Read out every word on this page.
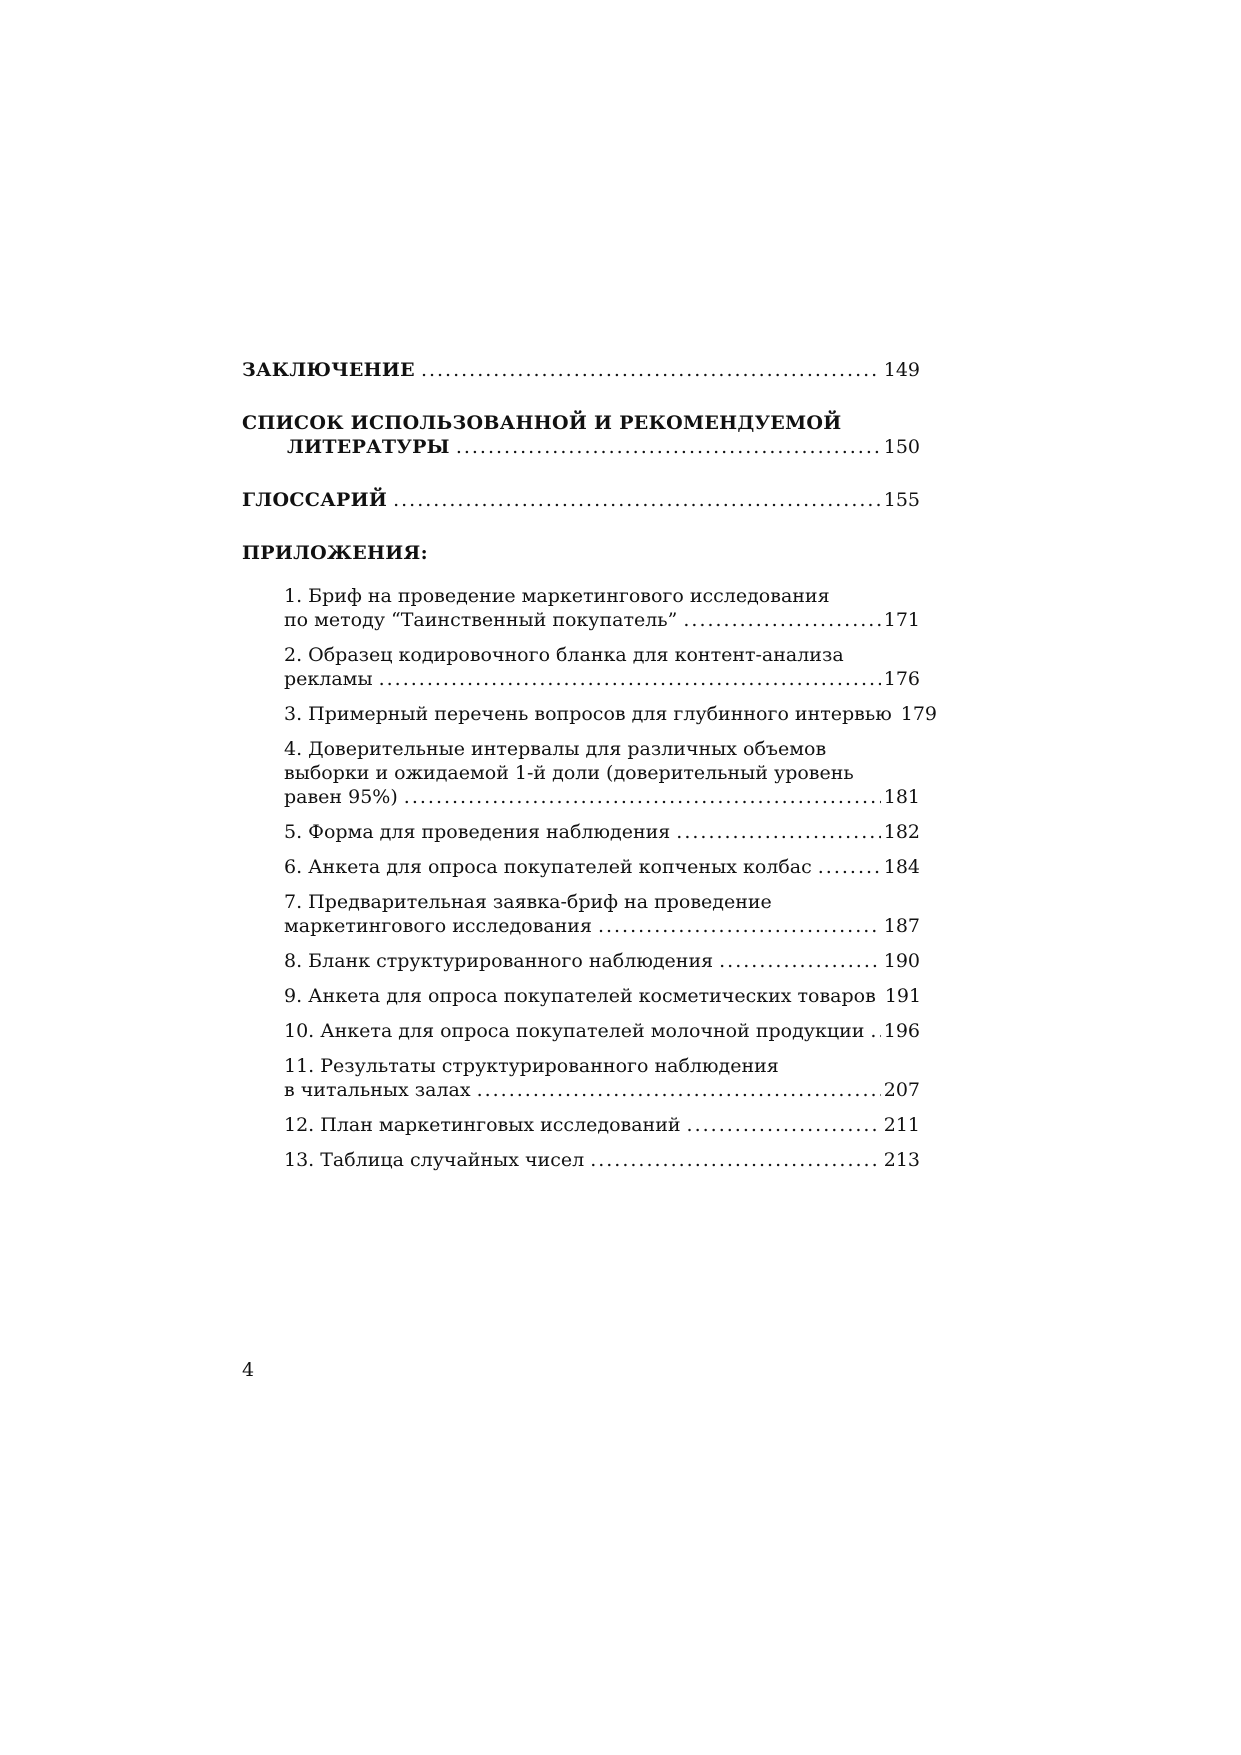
ЗАКЛЮЧЕНИЕ .....	149
СПИСОК ИСПОЛЬЗОВАННОЙ И РЕКОМЕНДУЕМОЙ
ЛИТЕРАТУРЫ .....	150
ГЛОССАРИЙ .....	155
ПРИЛОЖЕНИЯ:
1. Бриф на проведение маркетингового исследования
по методу “Таинственный покупатель” .....	171
2. Образец кодировочного бланка для контент-анализа
рекламы .....	176
3. Примерный перечень вопросов для глубинного интервью 179
4. Доверительные интервалы для различных объемов
выборки и ожидаемой 1-й доли (доверительный уровень
равен 95%) .....	181
5. Форма для проведения наблюдения .....	182
6. Анкета для опроса покупателей копченых колбас .....	184
7. Предварительная заявка-бриф на проведение
маркетингового исследования .....	187
8. Бланк структурированного наблюдения .....	190
9. Анкета для опроса покупателей косметических товаров 191
10. Анкета для опроса покупателей молочной продукции ..... 196
11. Результаты структурированного наблюдения
в читальных залах .....	207
12. План маркетинговых исследований .....	211
13. Таблица случайных чисел .....	213
4
